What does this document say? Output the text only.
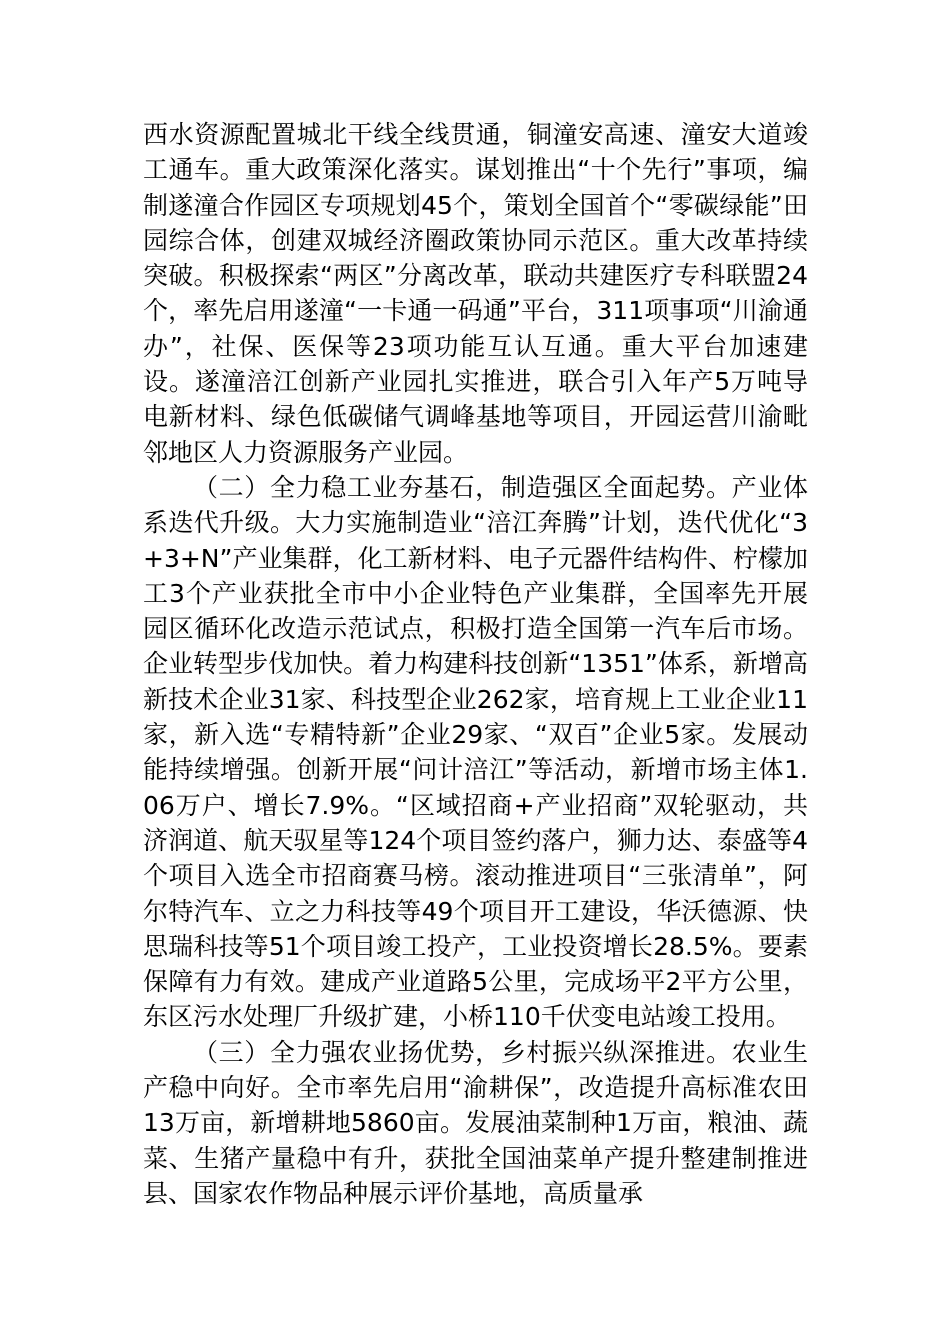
西水资源配置城北干线全线贯通，铜潼安高速、潼安大道竣工通车。重大政策深化落实。谋划推出“十个先行”事项，编制遂潼合作园区专项规划45个，策划全国首个“零碳绿能”田园综合体，创建双城经济圈政策协同示范区。重大改革持续突破。积极探索“两区”分离改革，联动共建医疗专科联盟24个，率先启用遂潼“一卡通一码通”平台，311项事项“川渝通办”，社保、医保等23项功能互认互通。重大平台加速建设。遂潼涪江创新产业园扎实推进，联合引入年产5万吨导电新材料、绿色低碳储气调峰基地等项目，开园运营川渝毗邻地区人力资源服务产业园。

（二）全力稳工业夯基石，制造强区全面起势。产业体系迭代升级。大力实施制造业“涪江奔腾”计划，迭代优化“3+3+N”产业集群，化工新材料、电子元器件结构件、柠檬加工3个产业获批全市中小企业特色产业集群，全国率先开展园区循环化改造示范试点，积极打造全国第一汽车后市场。企业转型步伐加快。着力构建科技创新“1351”体系，新增高新技术企业31家、科技型企业262家，培育规上工业企业11家，新入选“专精特新”企业29家、“双百”企业5家。发展动能持续增强。创新开展“问计涪江”等活动，新增市场主体1.06万户、增长7.9%。“区域招商+产业招商”双轮驱动，共济润道、航天驭星等124个项目签约落户，狮力达、泰盛等4个项目入选全市招商赛马榜。滚动推进项目“三张清单”，阿尔特汽车、立之力科技等49个项目开工建设，华沃德源、快思瑞科技等51个项目竣工投产，工业投资增长28.5%。要素保障有力有效。建成产业道路5公里，完成场平2平方公里，东区污水处理厂升级扩建，小桥110千伏变电站竣工投用。

（三）全力强农业扬优势，乡村振兴纵深推进。农业生产稳中向好。全市率先启用“渝耕保”，改造提升高标准农田13万亩，新增耕地5860亩。发展油菜制种1万亩，粮油、蔬菜、生猪产量稳中有升，获批全国油菜单产提升整建制推进县、国家农作物品种展示评价基地，高质量承
